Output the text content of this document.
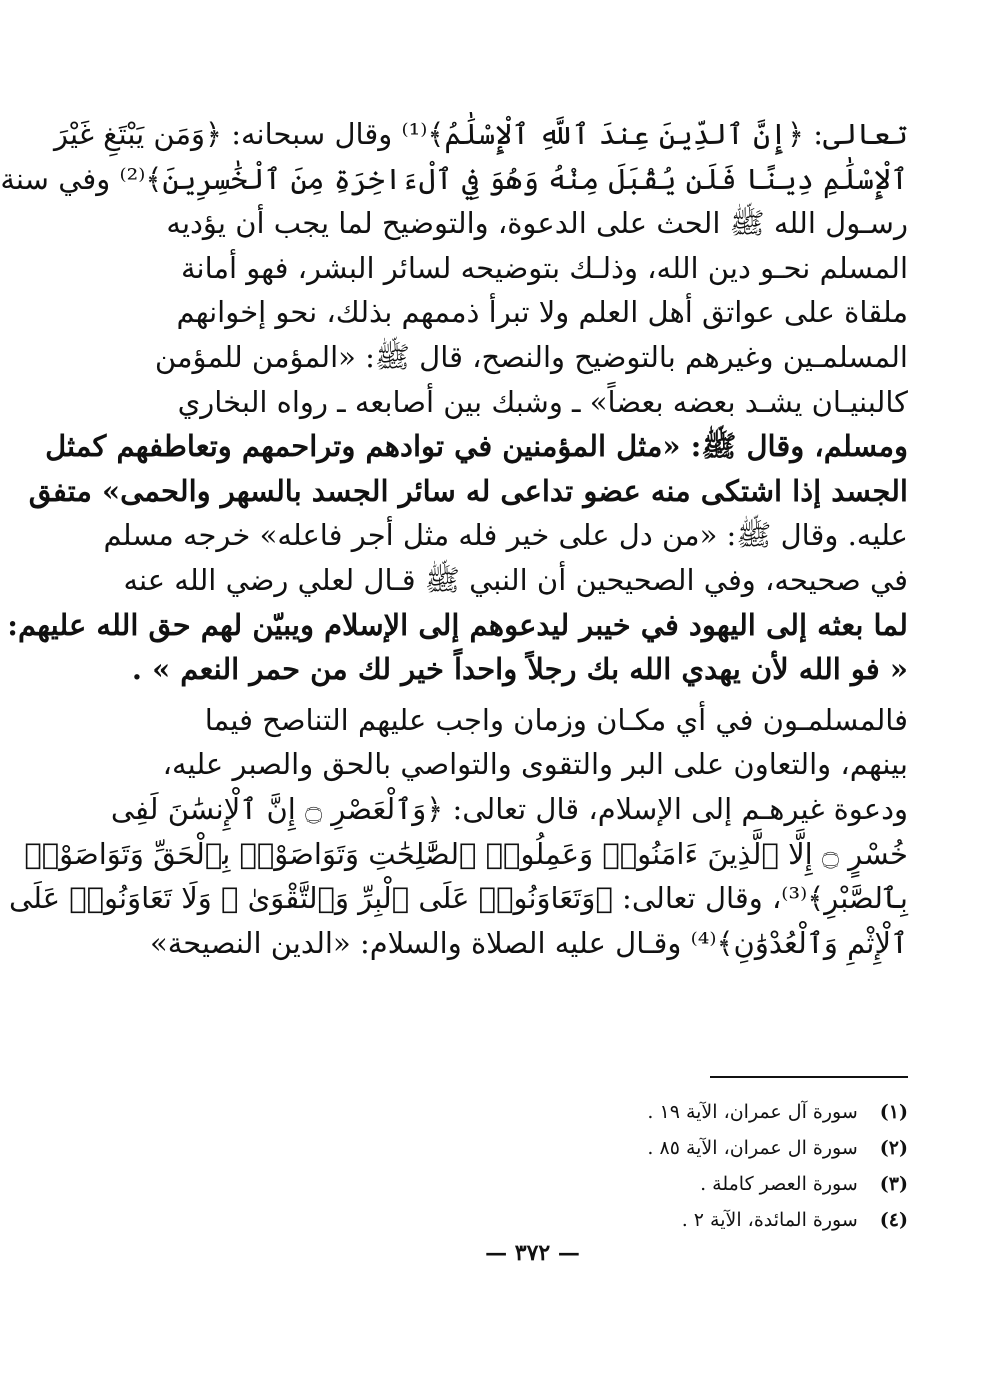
تعالى: ﴿إِنَّ ٱلدِّينَ عِندَ ٱللَّهِ ٱلْإِسْلَٰمُ﴾⁽¹⁾ وقال سبحانه: ﴿وَمَن يَبْتَغِ غَيْرَ
ٱلْإِسْلَٰمِ دِينًا فَلَن يُقْبَلَ مِنْهُ وَهُوَ فِي ٱلْءَاخِرَةِ مِنَ ٱلْخَٰسِرِينَ﴾⁽²⁾ وفي سنة
رسـول الله ﷺ الحث على الدعوة، والتوضيح لما يجب أن يؤديه
المسلم نحـو دين الله، وذلـك بتوضيحه لسائر البشر، فهو أمانة
ملقاة على عواتق أهل العلم ولا تبرأ ذممهم بذلك، نحو إخوانهم
المسلمـين وغيرهم بالتوضيح والنصح، قال ﷺ: «المؤمن للمؤمن
كالبنيـان يشـد بعضه بعضاً» ـ وشبك بين أصابعه ـ رواه البخاري
ومسلم، وقال ﷺ: «مثل المؤمنين في توادهم وتراحمهم وتعاطفهم كمثل
الجسد إذا اشتكى منه عضو تداعى له سائر الجسد بالسهر والحمى» متفق
عليه. وقال ﷺ: «من دل على خير فله مثل أجر فاعله» خرجه مسلم
في صحيحه، وفي الصحيحين أن النبي ﷺ قـال لعلي رضي الله عنه
لما بعثه إلى اليهود في خيبر ليدعوهم إلى الإسلام ويبيّن لهم حق الله عليهم:
« فو الله لأن يهدي الله بك رجلاً واحداً خير لك من حمر النعم » .

فالمسلمـون في أي مكـان وزمان واجب عليهم التناصح فيما
بينهم، والتعاون على البر والتقوى والتواصي بالحق والصبر عليه،
ودعوة غيرهـم إلى الإسلام، قال تعالى: ﴿وَٱلْعَصْرِ ۝ إِنَّ ٱلْإِنسَٰنَ لَفِى
خُسْرٍ ۝ إِلَّا ٱلَّذِينَ ءَامَنُوا۟ وَعَمِلُوا۟ ٱلصَّٰلِحَٰتِ وَتَوَاصَوْا۟ بِٱلْحَقِّ وَتَوَاصَوْا۟
بِٱلصَّبْرِ﴾⁽³⁾، وقال تعالى: ﴿وَتَعَاوَنُوا۟ عَلَى ٱلْبِرِّ وَٱلتَّقْوَىٰ ۖ وَلَا تَعَاوَنُوا۟ عَلَى
ٱلْإِثْمِ وَٱلْعُدْوَٰنِ﴾⁽⁴⁾ وقـال عليه الصلاة والسلام: «الدين النصيحة»

(١)
سورة آل عمران، الآية ١٩ .
(٢)
سورة ال عمران، الآية ٨٥ .
(٣)
سورة العصر كاملة .
(٤)
سورة المائدة، الآية ٢ .
— ٣٧٢ —
